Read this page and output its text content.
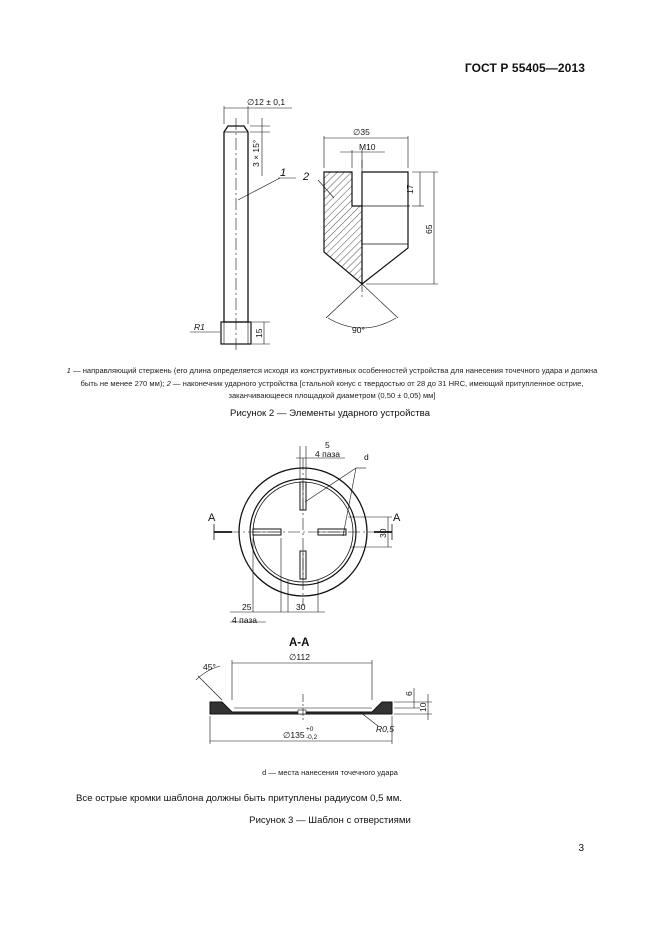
ГОСТ Р 55405—2013
∅12 ± 0,1
3 × 15°
1
R1
15
∅35
M10
2
17
65
90°
1 — направляющий стержень (его длина определяется исходя из конструктивных особенностей устройства для нанесения точечного удара и должна быть не менее 270 мм); 2 — наконечник ударного устройства [стальной конус с твердостью от 28 до 31 HRC, имеющий притупленное острие, заканчивающееся площадкой диаметром (0,50 ± 0,05) мм]
Рисунок 2 — Элементы ударного устройства
5
4 паза	d
A	A
30
25
4 паза
30
А-А
45°
∅112
∅135
+0
-0,2
6
10
R0,5
d — места нанесения точечного удара
Все острые кромки шаблона должны быть притуплены радиусом 0,5 мм.
Рисунок 3 — Шаблон с отверстиями
3
